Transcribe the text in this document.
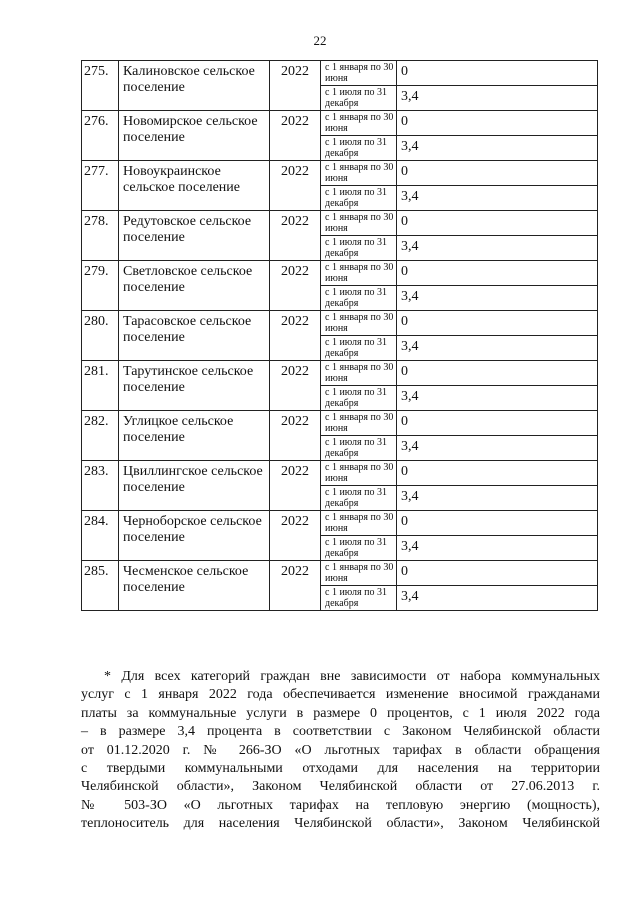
22
275.	Калиновское сельское поселение	2022	с 1 января по 30 июня	0
			с 1 июля по 31 декабря	3,4
276.	Новомирское сельское поселение	2022	с 1 января по 30 июня	0
			с 1 июля по 31 декабря	3,4
277.	Новоукраинское сельское поселение	2022	с 1 января по 30 июня	0
			с 1 июля по 31 декабря	3,4
278.	Редутовское сельское поселение	2022	с 1 января по 30 июня	0
			с 1 июля по 31 декабря	3,4
279.	Светловское сельское поселение	2022	с 1 января по 30 июня	0
			с 1 июля по 31 декабря	3,4
280.	Тарасовское сельское поселение	2022	с 1 января по 30 июня	0
			с 1 июля по 31 декабря	3,4
281.	Тарутинское сельское поселение	2022	с 1 января по 30 июня	0
			с 1 июля по 31 декабря	3,4
282.	Углицкое сельское поселение	2022	с 1 января по 30 июня	0
			с 1 июля по 31 декабря	3,4
283.	Цвиллингское сельское поселение	2022	с 1 января по 30 июня	0
			с 1 июля по 31 декабря	3,4
284.	Черноборское сельское поселение	2022	с 1 января по 30 июня	0
			с 1 июля по 31 декабря	3,4
285.	Чесменское сельское поселение	2022	с 1 января по 30 июня	0
			с 1 июля по 31 декабря	3,4
* Для всех категорий граждан вне зависимости от набора коммунальных
услуг с 1 января 2022 года обеспечивается изменение вносимой гражданами
платы за коммунальные услуги в размере 0 процентов, с 1 июля 2022 года
– в размере 3,4 процента в соответствии с Законом Челябинской области
от 01.12.2020 г. № 266-ЗО «О льготных тарифах в области обращения
с твердыми коммунальными отходами для населения на территории
Челябинской области», Законом Челябинской области от 27.06.2013 г.
№ 503-ЗО «О льготных тарифах на тепловую энергию (мощность),
теплоноситель для населения Челябинской области», Законом Челябинской
